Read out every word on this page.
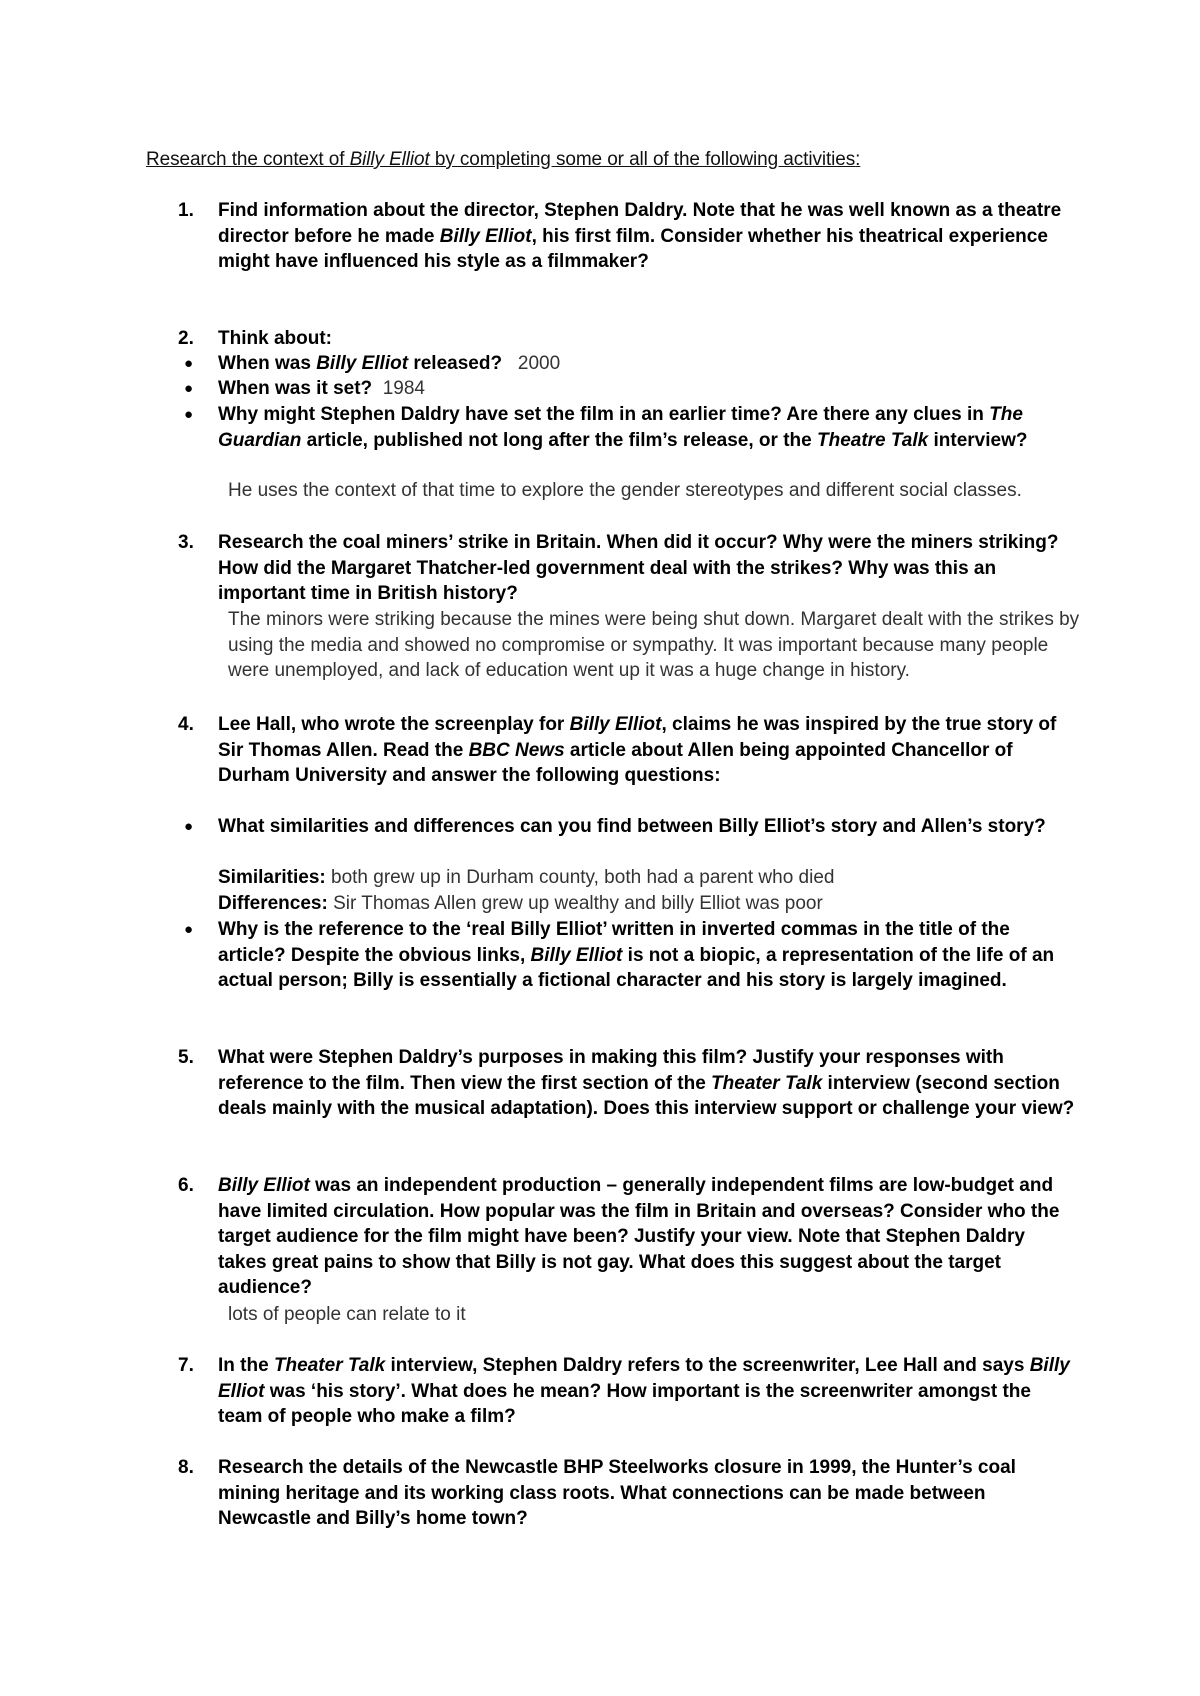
Research the context of Billy Elliot by completing some or all of the following activities:
1. Find information about the director, Stephen Daldry. Note that he was well known as a theatre director before he made Billy Elliot, his first film. Consider whether his theatrical experience might have influenced his style as a filmmaker?
2. Think about:
● When was Billy Elliot released? 2000
● When was it set? 1984
● Why might Stephen Daldry have set the film in an earlier time? Are there any clues in The Guardian article, published not long after the film’s release, or the Theatre Talk interview?
He uses the context of that time to explore the gender stereotypes and different social classes.
3. Research the coal miners’ strike in Britain. When did it occur? Why were the miners striking? How did the Margaret Thatcher-led government deal with the strikes? Why was this an important time in British history?
The minors were striking because the mines were being shut down. Margaret dealt with the strikes by using the media and showed no compromise or sympathy. It was important because many people were unemployed, and lack of education went up it was a huge change in history.
4. Lee Hall, who wrote the screenplay for Billy Elliot, claims he was inspired by the true story of Sir Thomas Allen. Read the BBC News article about Allen being appointed Chancellor of Durham University and answer the following questions:
● What similarities and differences can you find between Billy Elliot’s story and Allen’s story?
Similarities: both grew up in Durham county, both had a parent who died
Differences: Sir Thomas Allen grew up wealthy and billy Elliot was poor
● Why is the reference to the ‘real Billy Elliot’ written in inverted commas in the title of the article? Despite the obvious links, Billy Elliot is not a biopic, a representation of the life of an actual person; Billy is essentially a fictional character and his story is largely imagined.
5. What were Stephen Daldry’s purposes in making this film? Justify your responses with reference to the film. Then view the first section of the Theater Talk interview (second section deals mainly with the musical adaptation). Does this interview support or challenge your view?
6. Billy Elliot was an independent production – generally independent films are low-budget and have limited circulation. How popular was the film in Britain and overseas? Consider who the target audience for the film might have been? Justify your view. Note that Stephen Daldry takes great pains to show that Billy is not gay. What does this suggest about the target audience?
lots of people can relate to it
7. In the Theater Talk interview, Stephen Daldry refers to the screenwriter, Lee Hall and says Billy Elliot was ‘his story’. What does he mean? How important is the screenwriter amongst the team of people who make a film?
8. Research the details of the Newcastle BHP Steelworks closure in 1999, the Hunter’s coal mining heritage and its working class roots. What connections can be made between Newcastle and Billy’s home town?
